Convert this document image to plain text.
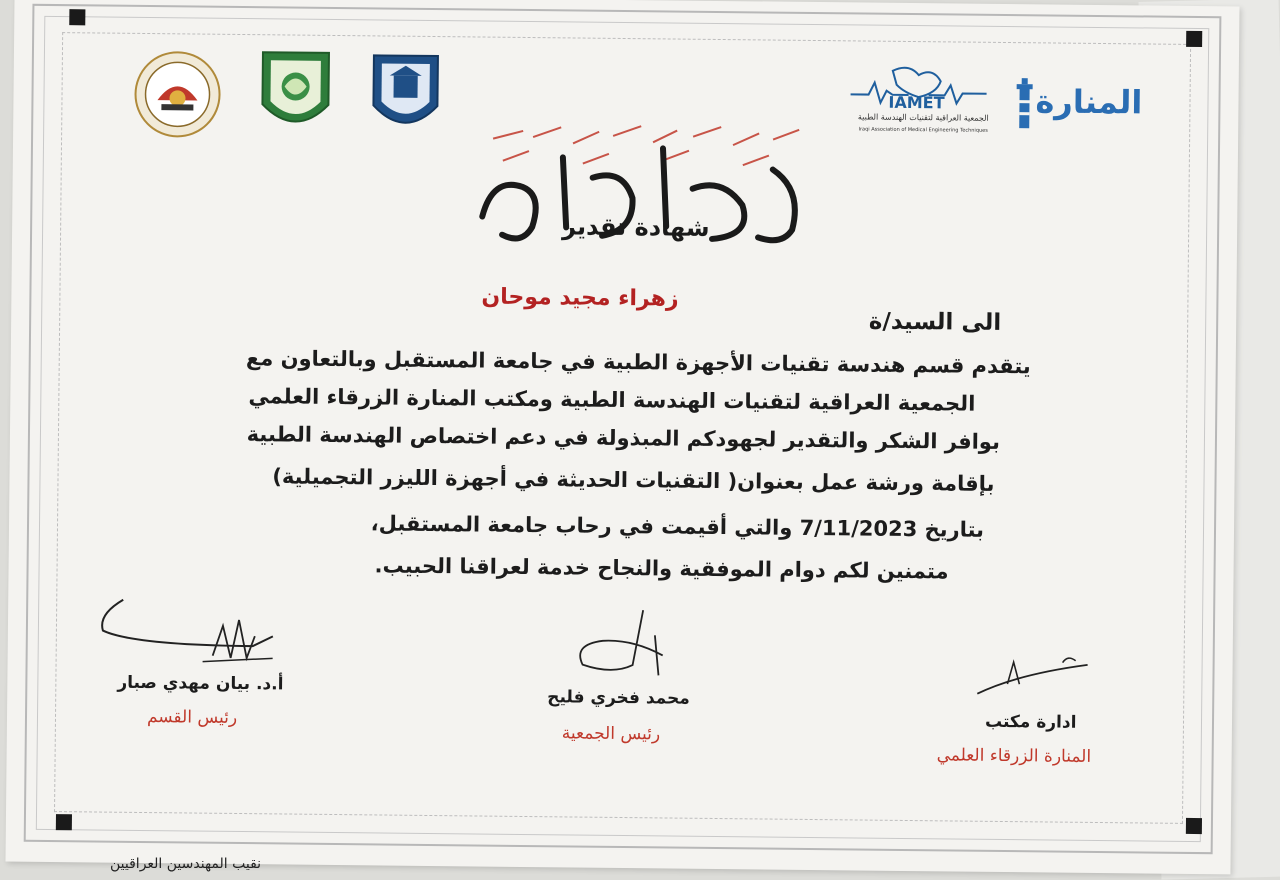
IAMET
الجمعية العراقية لتقنيات الهندسة الطبية
Iraqi Association of Medical Engineering Techniques
المنارة
شهادة تقدير
الى السيد/ة
زهراء مجيد موحان
يتقدم قسم هندسة تقنيات الأجهزة الطبية في جامعة المستقبل وبالتعاون مع
الجمعية العراقية لتقنيات الهندسة الطبية ومكتب المنارة الزرقاء العلمي
بوافر الشكر والتقدير لجهودكم المبذولة في دعم اختصاص الهندسة الطبية
بإقامة ورشة عمل بعنوان( التقنيات الحديثة في أجهزة الليزر التجميلية)
بتاريخ 7/11/2023 والتي أقيمت في رحاب جامعة المستقبل،
متمنين لكم دوام الموفقية والنجاح خدمة لعراقنا الحبيب.
أ.د. بيان مهدي صبار
رئيس القسم
محمد فخري فليح
رئيس الجمعية
ادارة مكتب
المنارة الزرقاء العلمي
نقيب المهندسين العراقيين
